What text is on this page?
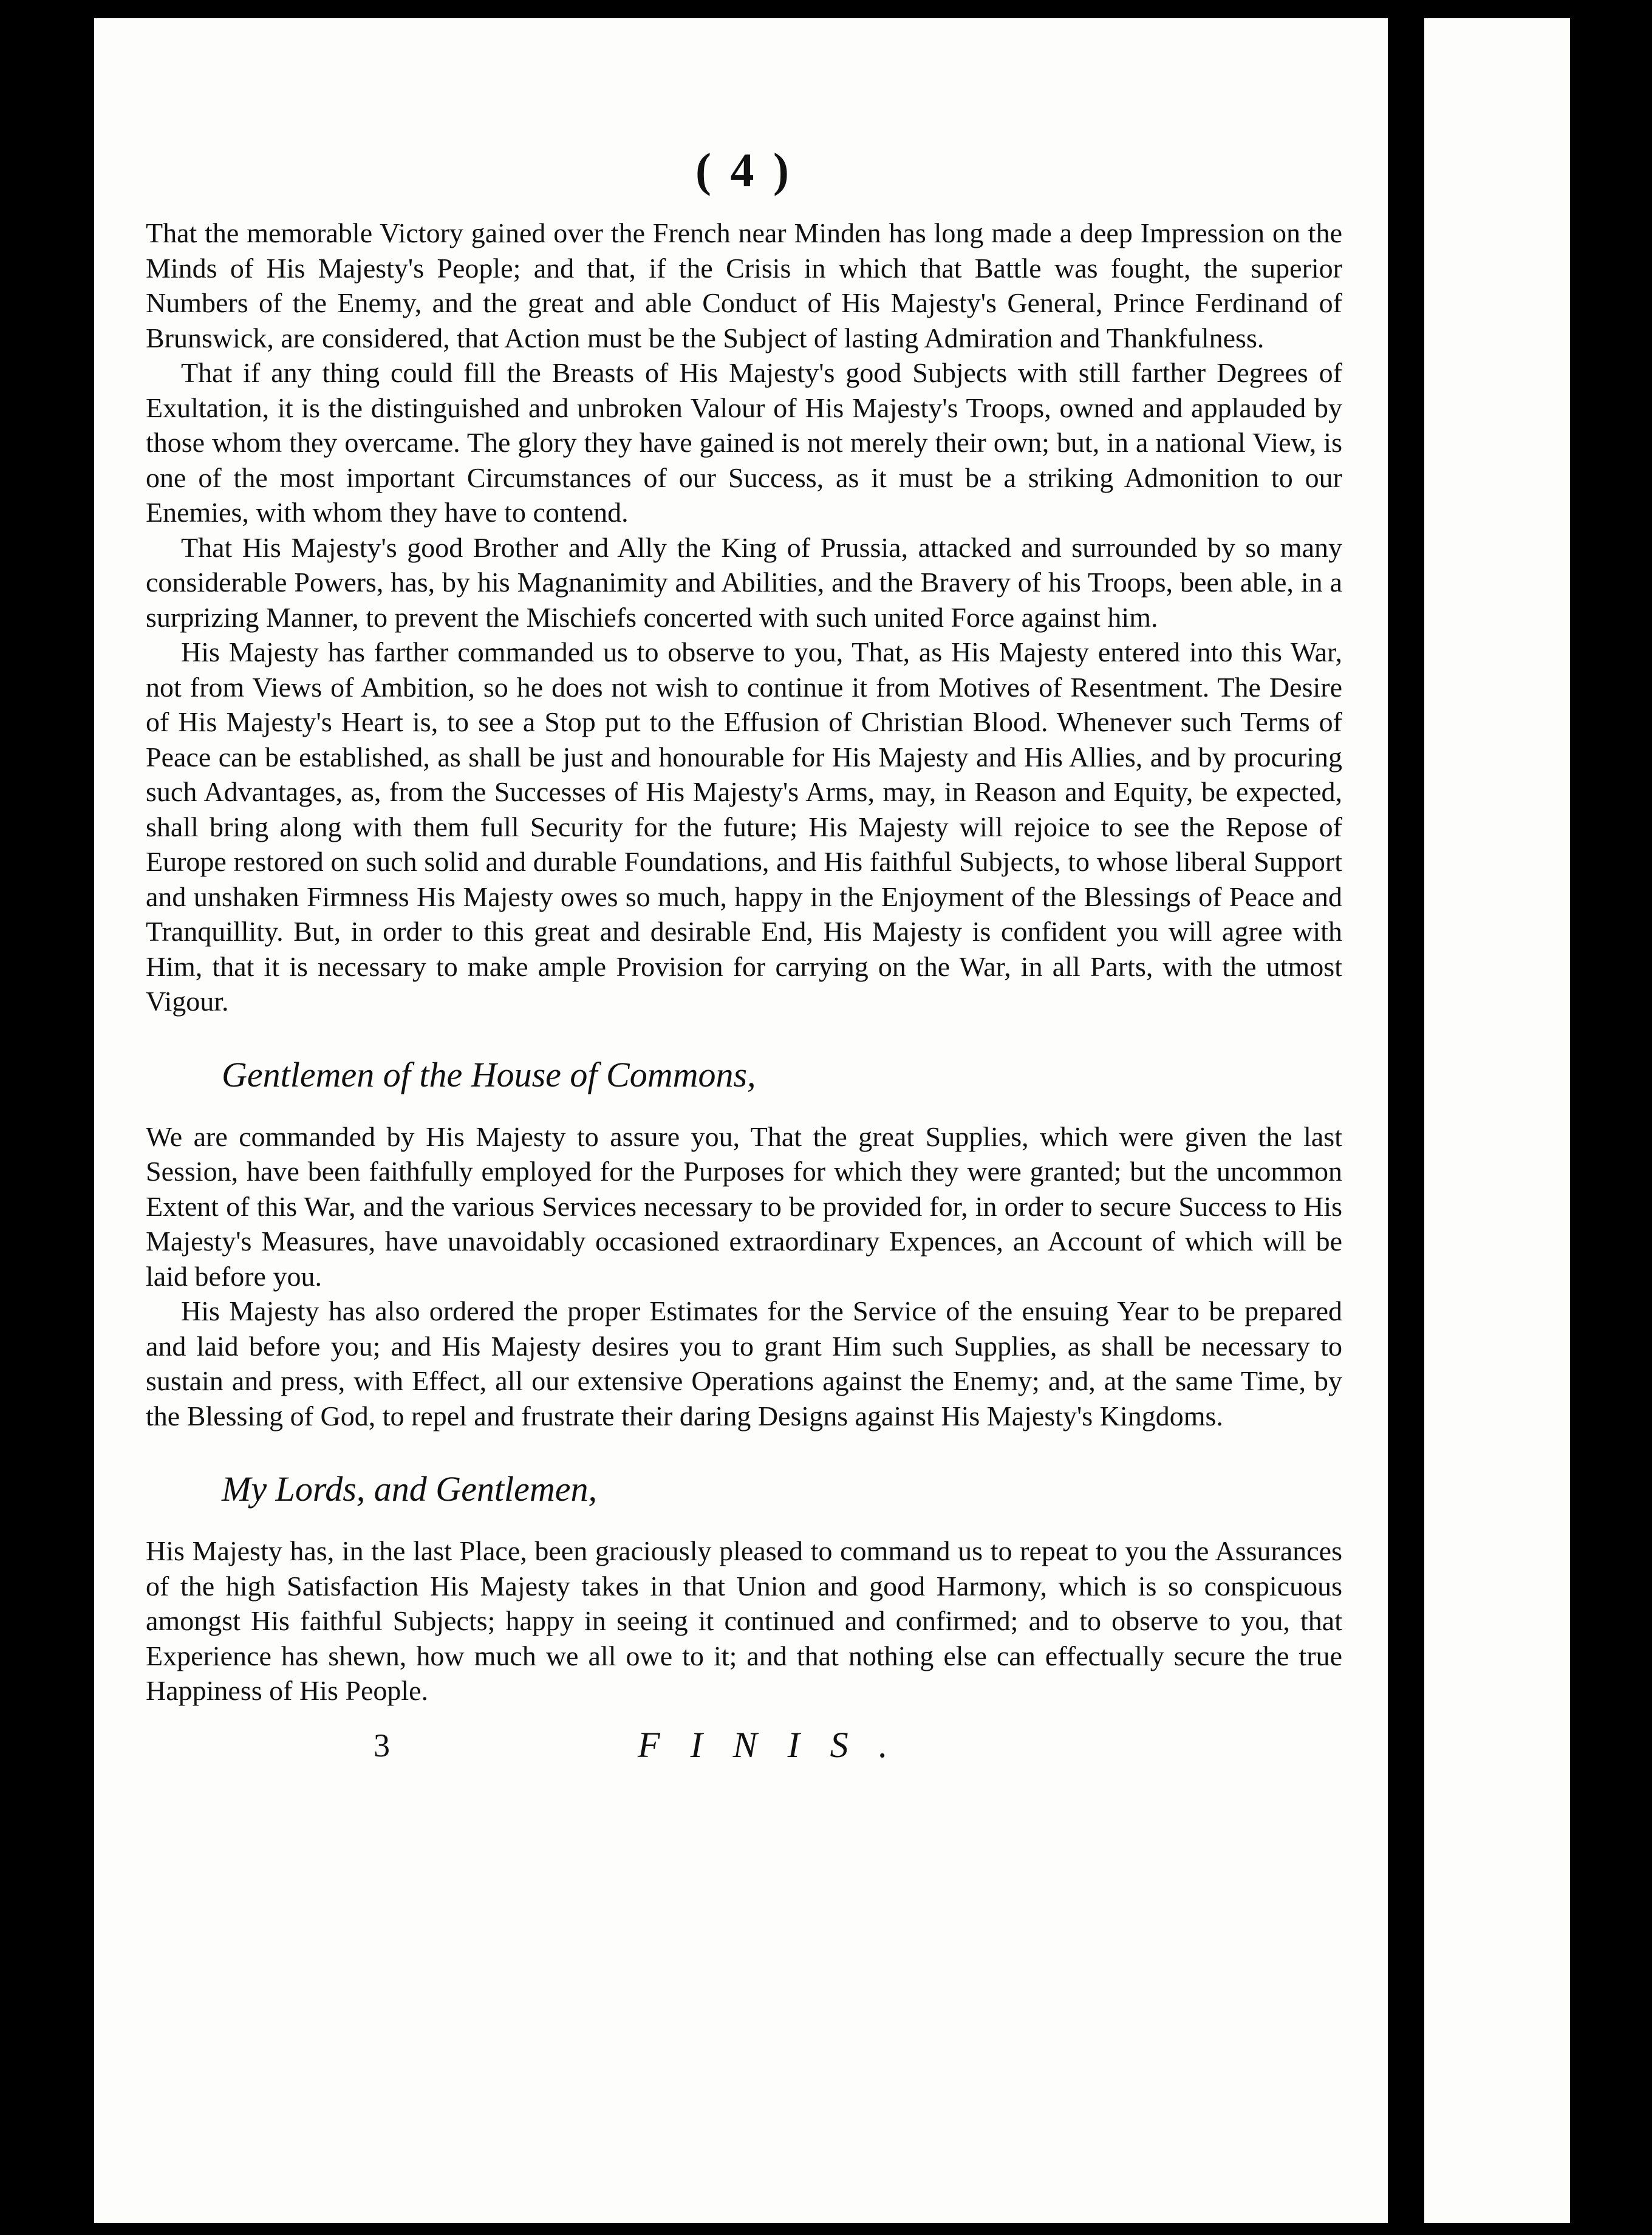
( 4 )

That the memorable Victory gained over the French near Minden has long made a deep Impression on the Minds of His Majesty's People; and that, if the Crisis in which that Battle was fought, the superior Numbers of the Enemy, and the great and able Conduct of His Majesty's General, Prince Ferdinand of Brunswick, are considered, that Action must be the Subject of lasting Admiration and Thankfulness.

That if any thing could fill the Breasts of His Majesty's good Subjects with still farther Degrees of Exultation, it is the distinguished and unbroken Valour of His Majesty's Troops, owned and applauded by those whom they overcame. The glory they have gained is not merely their own; but, in a national View, is one of the most important Circumstances of our Success, as it must be a striking Admonition to our Enemies, with whom they have to contend.

That His Majesty's good Brother and Ally the King of Prussia, attacked and surrounded by so many considerable Powers, has, by his Magnanimity and Abilities, and the Bravery of his Troops, been able, in a surprizing Manner, to prevent the Mischiefs concerted with such united Force against him.

His Majesty has farther commanded us to observe to you, That, as His Majesty entered into this War, not from Views of Ambition, so he does not wish to continue it from Motives of Resentment. The Desire of His Majesty's Heart is, to see a Stop put to the Effusion of Christian Blood. Whenever such Terms of Peace can be established, as shall be just and honourable for His Majesty and His Allies, and by procuring such Advantages, as, from the Successes of His Majesty's Arms, may, in Reason and Equity, be expected, shall bring along with them full Security for the future; His Majesty will rejoice to see the Repose of Europe restored on such solid and durable Foundations, and His faithful Subjects, to whose liberal Support and unshaken Firmness His Majesty owes so much, happy in the Enjoyment of the Blessings of Peace and Tranquillity. But, in order to this great and desirable End, His Majesty is confident you will agree with Him, that it is necessary to make ample Provision for carrying on the War, in all Parts, with the utmost Vigour.

Gentlemen of the House of Commons,

We are commanded by His Majesty to assure you, That the great Supplies, which were given the last Session, have been faithfully employed for the Purposes for which they were granted; but the uncommon Extent of this War, and the various Services necessary to be provided for, in order to secure Success to His Majesty's Measures, have unavoidably occasioned extraordinary Expences, an Account of which will be laid before you.

His Majesty has also ordered the proper Estimates for the Service of the ensuing Year to be prepared and laid before you; and His Majesty desires you to grant Him such Supplies, as shall be necessary to sustain and press, with Effect, all our extensive Operations against the Enemy; and, at the same Time, by the Blessing of God, to repel and frustrate their daring Designs against His Majesty's Kingdoms.

My Lords, and Gentlemen,

His Majesty has, in the last Place, been graciously pleased to command us to repeat to you the Assurances of the high Satisfaction His Majesty takes in that Union and good Harmony, which is so conspicuous amongst His faithful Subjects; happy in seeing it continued and confirmed; and to observe to you, that Experience has shewn, how much we all owe to it; and that nothing else can effectually secure the true Happiness of His People.

3	FINIS.
